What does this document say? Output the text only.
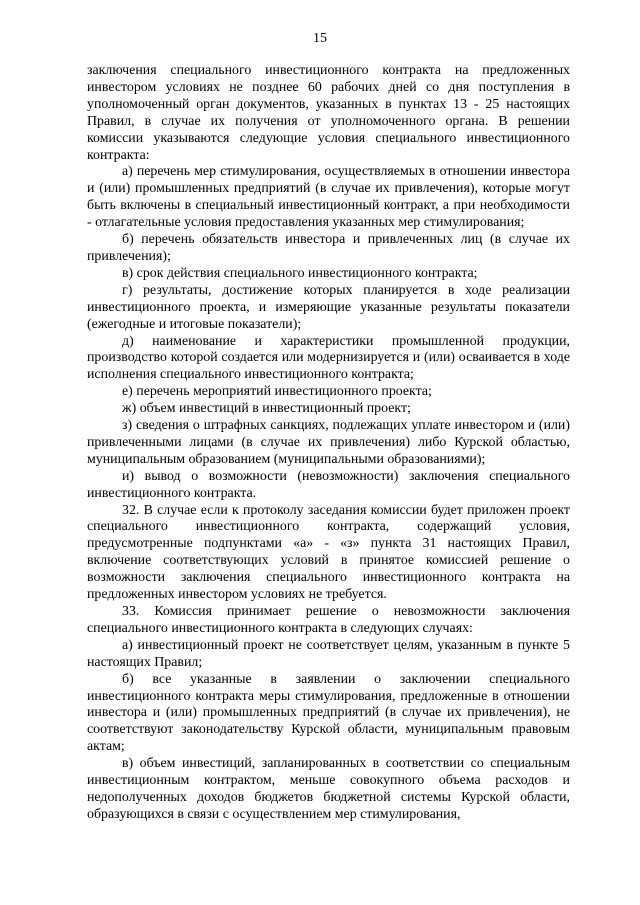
15

заключения специального инвестиционного контракта на предложенных инвестором условиях не позднее 60 рабочих дней со дня поступления в уполномоченный орган документов, указанных в пунктах 13 - 25 настоящих Правил, в случае их получения от уполномоченного органа. В решении комиссии указываются следующие условия специального инвестиционного контракта:

а) перечень мер стимулирования, осуществляемых в отношении инвестора и (или) промышленных предприятий (в случае их привлечения), которые могут быть включены в специальный инвестиционный контракт, а при необходимости - отлагательные условия предоставления указанных мер стимулирования;

б) перечень обязательств инвестора и привлеченных лиц (в случае их привлечения);

в) срок действия специального инвестиционного контракта;

г) результаты, достижение которых планируется в ходе реализации инвестиционного проекта, и измеряющие указанные результаты показатели (ежегодные и итоговые показатели);

д) наименование и характеристики промышленной продукции, производство которой создается или модернизируется и (или) осваивается в ходе исполнения специального инвестиционного контракта;

е) перечень мероприятий инвестиционного проекта;

ж) объем инвестиций в инвестиционный проект;

з) сведения о штрафных санкциях, подлежащих уплате инвестором и (или) привлеченными лицами (в случае их привлечения) либо Курской областью, муниципальным образованием (муниципальными образованиями);

и) вывод о возможности (невозможности) заключения специального инвестиционного контракта.

32. В случае если к протоколу заседания комиссии будет приложен проект специального инвестиционного контракта, содержащий условия, предусмотренные подпунктами «а» - «з» пункта 31 настоящих Правил, включение соответствующих условий в принятое комиссией решение о возможности заключения специального инвестиционного контракта на предложенных инвестором условиях не требуется.

33. Комиссия принимает решение о невозможности заключения специального инвестиционного контракта в следующих случаях:

а) инвестиционный проект не соответствует целям, указанным в пункте 5 настоящих Правил;

б) все указанные в заявлении о заключении специального инвестиционного контракта меры стимулирования, предложенные в отношении инвестора и (или) промышленных предприятий (в случае их привлечения), не соответствуют законодательству Курской области, муниципальным правовым актам;

в) объем инвестиций, запланированных в соответствии со специальным инвестиционным контрактом, меньше совокупного объема расходов и недополученных доходов бюджетов бюджетной системы Курской области, образующихся в связи с осуществлением мер стимулирования,
